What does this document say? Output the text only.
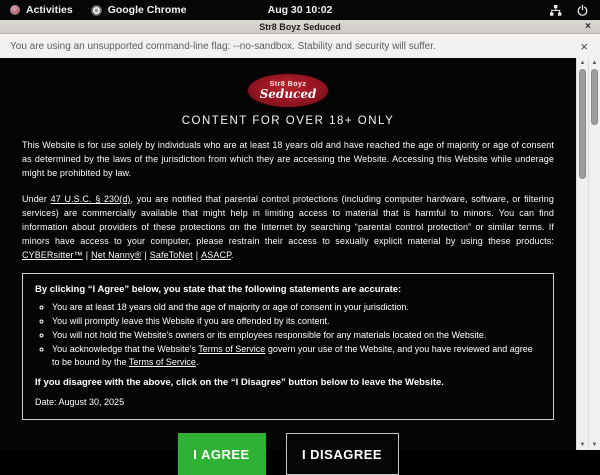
Activities	Google Chrome	Aug 30 10:02
Str8 Boyz Seduced	×
You are using an unsupported command-line flag: --no-sandbox. Stability and security will suffer.	×
Str8 Boyz
Seduced
CONTENT FOR OVER 18+ ONLY

This Website is for use solely by individuals who are at least 18 years old and have reached the age of majority or age of consent as determined by the laws of the jurisdiction from which they are accessing the Website. Accessing this Website while underage might be prohibited by law.

Under 47 U.S.C. § 230(d), you are notified that parental control protections (including computer hardware, software, or filtering services) are commercially available that might help in limiting access to material that is harmful to minors. You can find information about providers of these protections on the Internet by searching “parental control protection” or similar terms. If minors have access to your computer, please restrain their access to sexually explicit material by using these products: CYBERsitter™ | Net Nanny® | SafeToNet | ASACP.

By clicking “I Agree” below, you state that the following statements are accurate:
◦ You are at least 18 years old and the age of majority or age of consent in your jurisdiction.
◦ You will promptly leave this Website if you are offended by its content.
◦ You will not hold the Website’s owners or its employees responsible for any materials located on the Website.
◦ You acknowledge that the Website’s Terms of Service govern your use of the Website, and you have reviewed and agree to be bound by the Terms of Service.
If you disagree with the above, click on the “I Disagree” button below to leave the Website.
Date: August 30, 2025
I AGREE	I DISAGREE
▲
▼
▲
▼
